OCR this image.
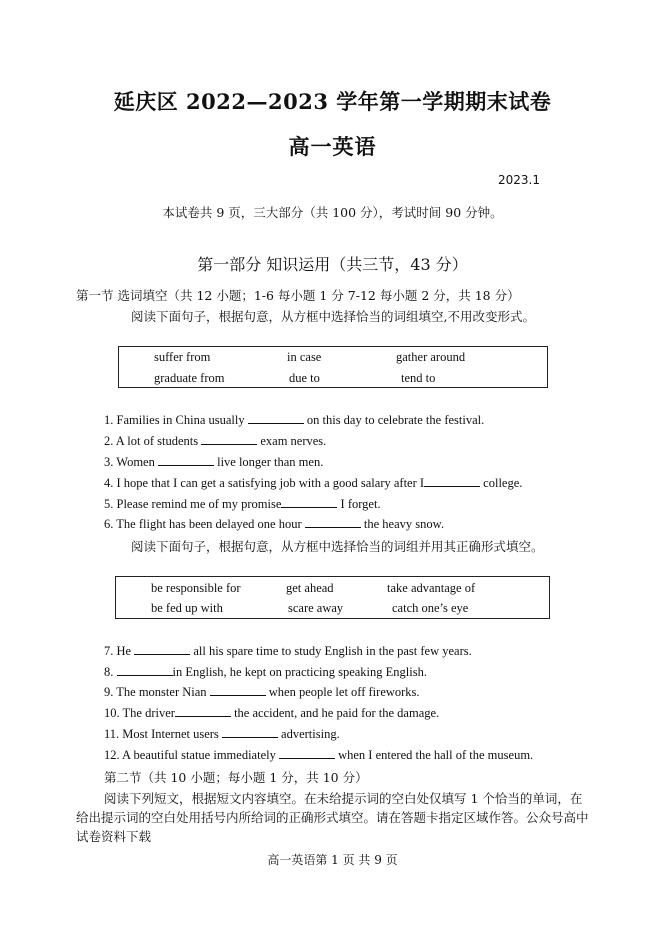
延庆区 2022—2023 学年第一学期期末试卷
高一英语
2023.1
本试卷共 9 页，三大部分（共 100 分），考试时间 90 分钟。
第一部分 知识运用（共三节，43 分）
第一节 选词填空（共 12 小题；1-6 每小题 1 分 7-12 每小题 2 分，共 18 分）
阅读下面句子，根据句意，从方框中选择恰当的词组填空,不用改变形式。
suffer from	in case	gather around
graduate from	due to	tend to
1. Families in China usually	on this day to celebrate the festival.
2. A lot of students	exam nerves.
3. Women	live longer than men.
4. I hope that I can get a satisfying job with a good salary after I	college.
5. Please remind me of my promise	I forget.
6. The flight has been delayed one hour	the heavy snow.
阅读下面句子，根据句意，从方框中选择恰当的词组并用其正确形式填空。
be responsible for	get ahead	take advantage of
be fed up with	scare away	catch one’s eye
7. He	all his spare time to study English in the past few years.
8.	in English, he kept on practicing speaking English.
9. The monster Nian	when people let off fireworks.
10. The driver	the accident, and he paid for the damage.
11. Most Internet users	advertising.
12. A beautiful statue immediately	when I entered the hall of the museum.
第二节（共 10 小题；每小题 1 分，共 10 分）
阅读下列短文，根据短文内容填空。在未给提示词的空白处仅填写 1 个恰当的单词，在给出提示词的空白处用括号内所给词的正确形式填空。请在答题卡指定区域作答。公众号高中试卷资料下载
高一英语第 1 页 共 9 页
